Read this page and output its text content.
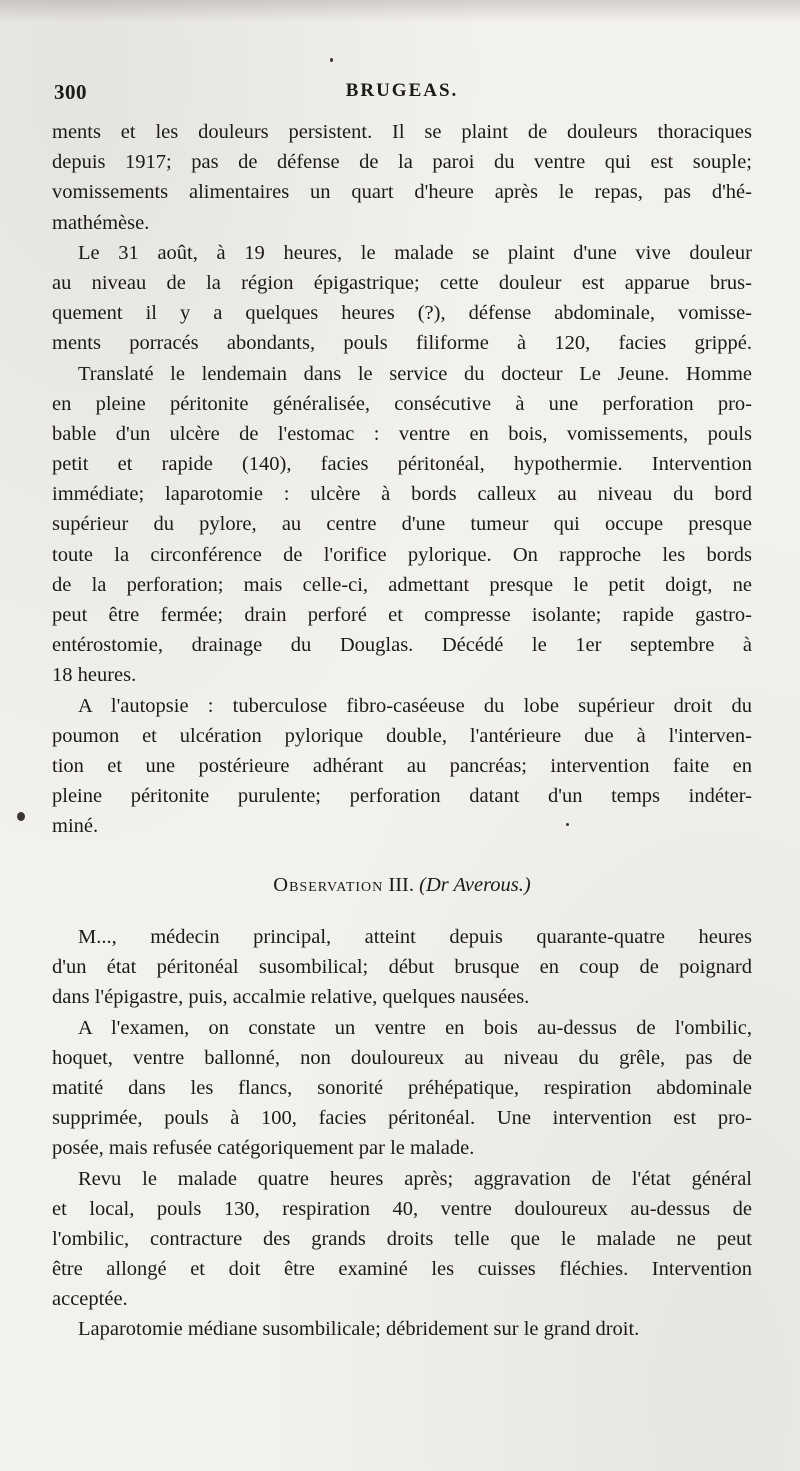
300	BRUGEAS.
ments et les douleurs persistent. Il se plaint de douleurs thoraciques
depuis 1917; pas de défense de la paroi du ventre qui est souple;
vomissements alimentaires un quart d'heure après le repas, pas d'hé-
mathémèse.
Le 31 août, à 19 heures, le malade se plaint d'une vive douleur
au niveau de la région épigastrique; cette douleur est apparue brus-
quement il y a quelques heures (?), défense abdominale, vomisse-
ments porracés abondants, pouls filiforme à 120, facies grippé.
Translaté le lendemain dans le service du docteur Le Jeune. Homme
en pleine péritonite généralisée, consécutive à une perforation pro-
bable d'un ulcère de l'estomac : ventre en bois, vomissements, pouls
petit et rapide (140), facies péritonéal, hypothermie. Intervention
immédiate; laparotomie : ulcère à bords calleux au niveau du bord
supérieur du pylore, au centre d'une tumeur qui occupe presque
toute la circonférence de l'orifice pylorique. On rapproche les bords
de la perforation; mais celle-ci, admettant presque le petit doigt, ne
peut être fermée; drain perforé et compresse isolante; rapide gastro-
entérostomie, drainage du Douglas. Décédé le 1er septembre à
18 heures.
A l'autopsie : tuberculose fibro-caséeuse du lobe supérieur droit du
poumon et ulcération pylorique double, l'antérieure due à l'interven-
tion et une postérieure adhérant au pancréas; intervention faite en
pleine péritonite purulente; perforation datant d'un temps indéter-
miné.
Observation III. (Dr Averous.)
M..., médecin principal, atteint depuis quarante-quatre heures
d'un état péritonéal susombilical; début brusque en coup de poignard
dans l'épigastre, puis, accalmie relative, quelques nausées.
A l'examen, on constate un ventre en bois au-dessus de l'ombilic,
hoquet, ventre ballonné, non douloureux au niveau du grêle, pas de
matité dans les flancs, sonorité préhépatique, respiration abdominale
supprimée, pouls à 100, facies péritonéal. Une intervention est pro-
posée, mais refusée catégoriquement par le malade.
Revu le malade quatre heures après; aggravation de l'état général
et local, pouls 130, respiration 40, ventre douloureux au-dessus de
l'ombilic, contracture des grands droits telle que le malade ne peut
être allongé et doit être examiné les cuisses fléchies. Intervention
acceptée.
Laparotomie médiane susombilicale; débridement sur le grand droit.
